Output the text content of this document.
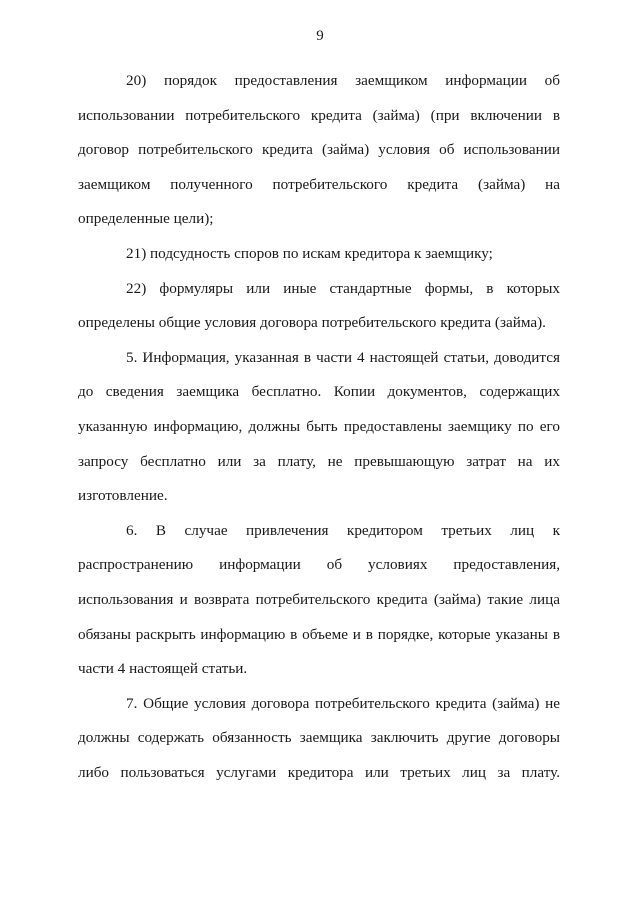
9

20) порядок предоставления заемщиком информации об использовании потребительского кредита (займа) (при включении в договор потребительского кредита (займа) условия об использовании заемщиком полученного потребительского кредита (займа) на определенные цели);

21) подсудность споров по искам кредитора к заемщику;

22) формуляры или иные стандартные формы, в которых определены общие условия договора потребительского кредита (займа).

5. Информация, указанная в части 4 настоящей статьи, доводится до сведения заемщика бесплатно. Копии документов, содержащих указанную информацию, должны быть предоставлены заемщику по его запросу бесплатно или за плату, не превышающую затрат на их изготовление.

6. В случае привлечения кредитором третьих лиц к распространению информации об условиях предоставления, использования и возврата потребительского кредита (займа) такие лица обязаны раскрыть информацию в объеме и в порядке, которые указаны в части 4 настоящей статьи.

7. Общие условия договора потребительского кредита (займа) не должны содержать обязанность заемщика заключить другие договоры либо пользоваться услугами кредитора или третьих лиц за плату.
